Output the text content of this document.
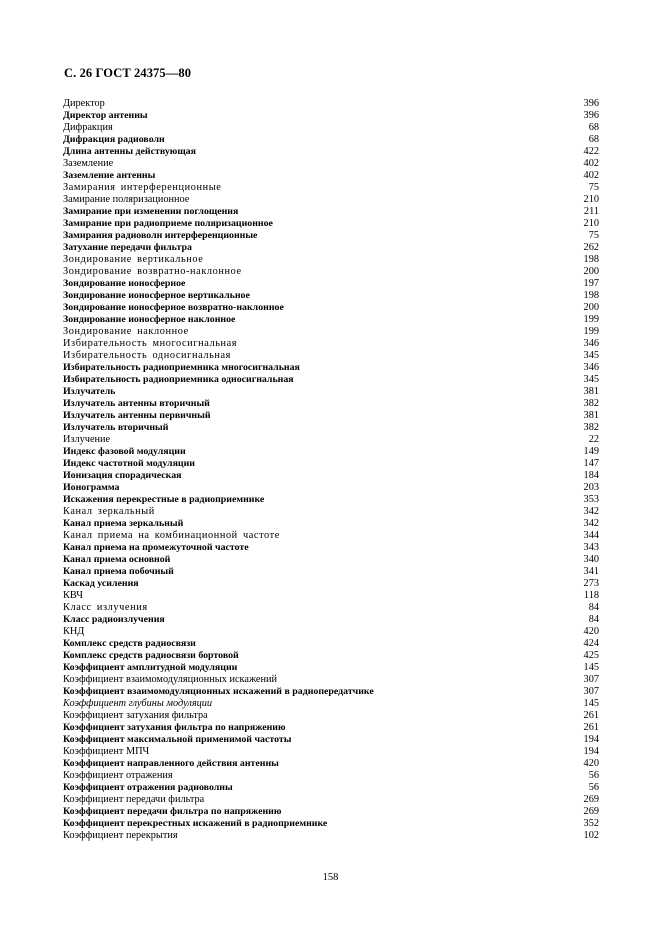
С. 26 ГОСТ 24375—80
Директор	396
Директор антенны	396
Дифракция	68
Дифракция радиоволн	68
Длина антенны действующая	422
Заземление	402
Заземление антенны	402
Замирания интерференционные	75
Замирание поляризационное	210
Замирание при изменении поглощения	211
Замирание при радиоприеме поляризационное	210
Замирания радиоволн интерференционные	75
Затухание передачи фильтра	262
Зондирование вертикальное	198
Зондирование возвратно-наклонное	200
Зондирование ионосферное	197
Зондирование ионосферное вертикальное	198
Зондирование ионосферное возвратно-наклонное	200
Зондирование ионосферное наклонное	199
Зондирование наклонное	199
Избирательность многосигнальная	346
Избирательность односигнальная	345
Избирательность радиоприемника многосигнальная	346
Избирательность радиоприемника односигнальная	345
Излучатель	381
Излучатель антенны вторичный	382
Излучатель антенны первичный	381
Излучатель вторичный	382
Излучение	22
Индекс фазовой модуляции	149
Индекс частотной модуляции	147
Ионизация спорадическая	184
Ионограмма	203
Искажения перекрестные в радиоприемнике	353
Канал зеркальный	342
Канал приема зеркальный	342
Канал приема на комбинационной частоте	344
Канал приема на промежуточной частоте	343
Канал приема основной	340
Канал приема побочный	341
Каскад усиления	273
КВЧ	118
Класс излучения	84
Класс радиоизлучения	84
КНД	420
Комплекс средств радиосвязи	424
Комплекс средств радиосвязи бортовой	425
Коэффициент амплитудной модуляции	145
Коэффициент взаимомодуляционных искажений	307
Коэффициент взаимомодуляционных искажений в радиопередатчике	307
Коэффициент глубины модуляции	145
Коэффициент затухания фильтра	261
Коэффициент затухания фильтра по напряжению	261
Коэффициент максимальной применимой частоты	194
Коэффициент МПЧ	194
Коэффициент направленного действия антенны	420
Коэффициент отражения	56
Коэффициент отражения радиоволны	56
Коэффициент передачи фильтра	269
Коэффициент передачи фильтра по напряжению	269
Коэффициент перекрестных искажений в радиоприемнике	352
Коэффициент перекрытия	102
158
